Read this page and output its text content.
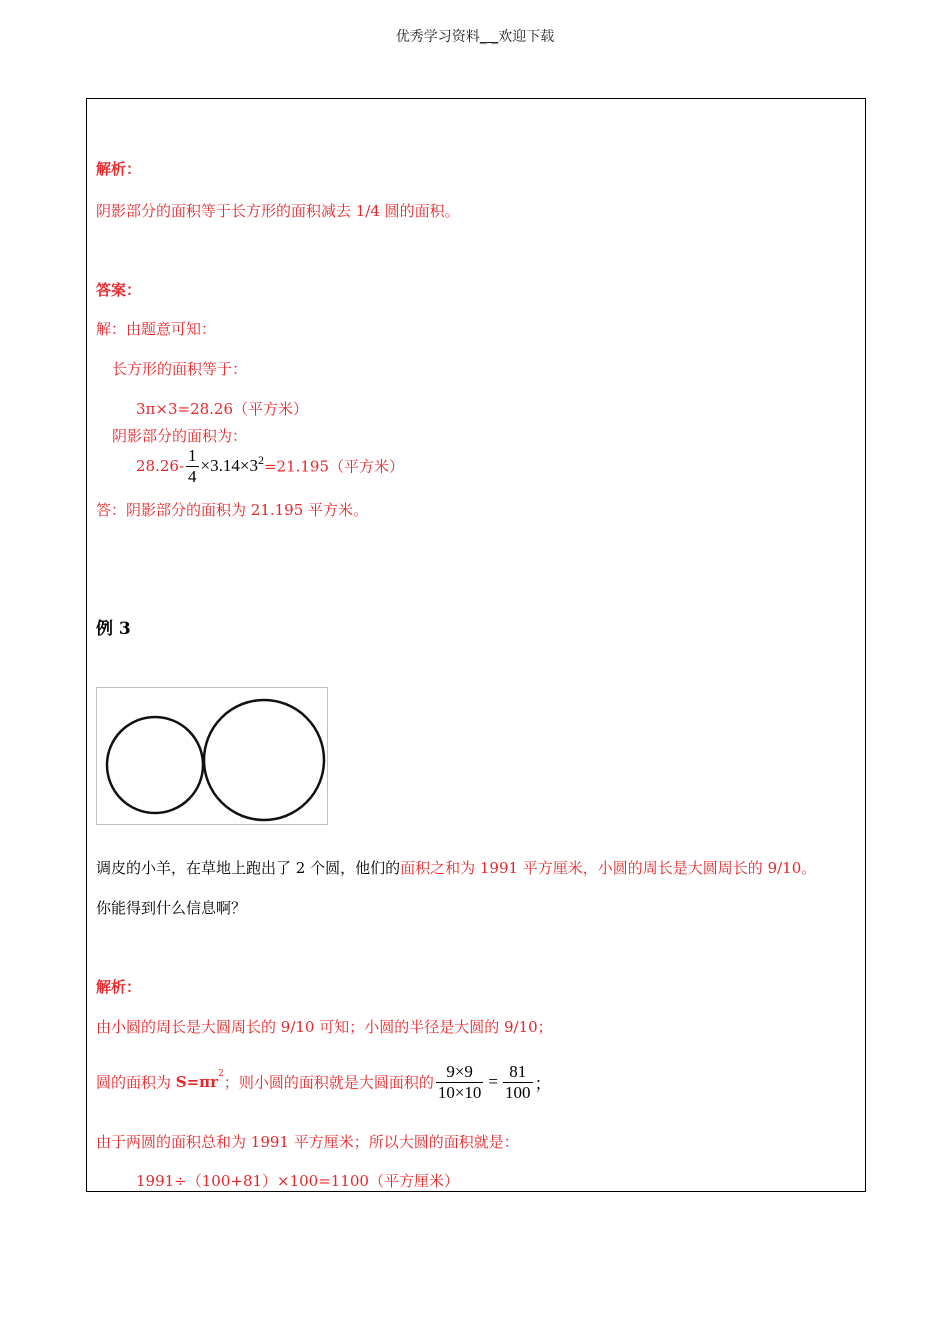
优秀学习资料_ _欢迎下载
解析：
阴影部分的面积等于长方形的面积减去 1/4 圆的面积。
答案：
解：由题意可知：
长方形的面积等于：
3π×3=28.26（平方米）
阴影部分的面积为：
$28.26- \frac{1}{4} \times 3.14\times 3^2=21.195$（平方米）
答：阴影部分的面积为 21.195 平方米。
例 3
调皮的小羊，在草地上跑出了 2 个圆，他们的面积之和为 1991 平方厘米，小圆的周长是大圆周长的 9/10。
你能得到什么信息啊？
解析：
由小圆的周长是大圆周长的 9/10 可知；小圆的半径是大圆的 9/10；
圆的面积为 $S=\pi r^2$；则小圆的面积就是大圆面积的 $\frac{9\times 9}{10\times 10} = \frac{81}{100}$ ；
由于两圆的面积总和为 1991 平方厘米；所以大圆的面积就是：
1991÷（100+81）×100=1100（平方厘米）
